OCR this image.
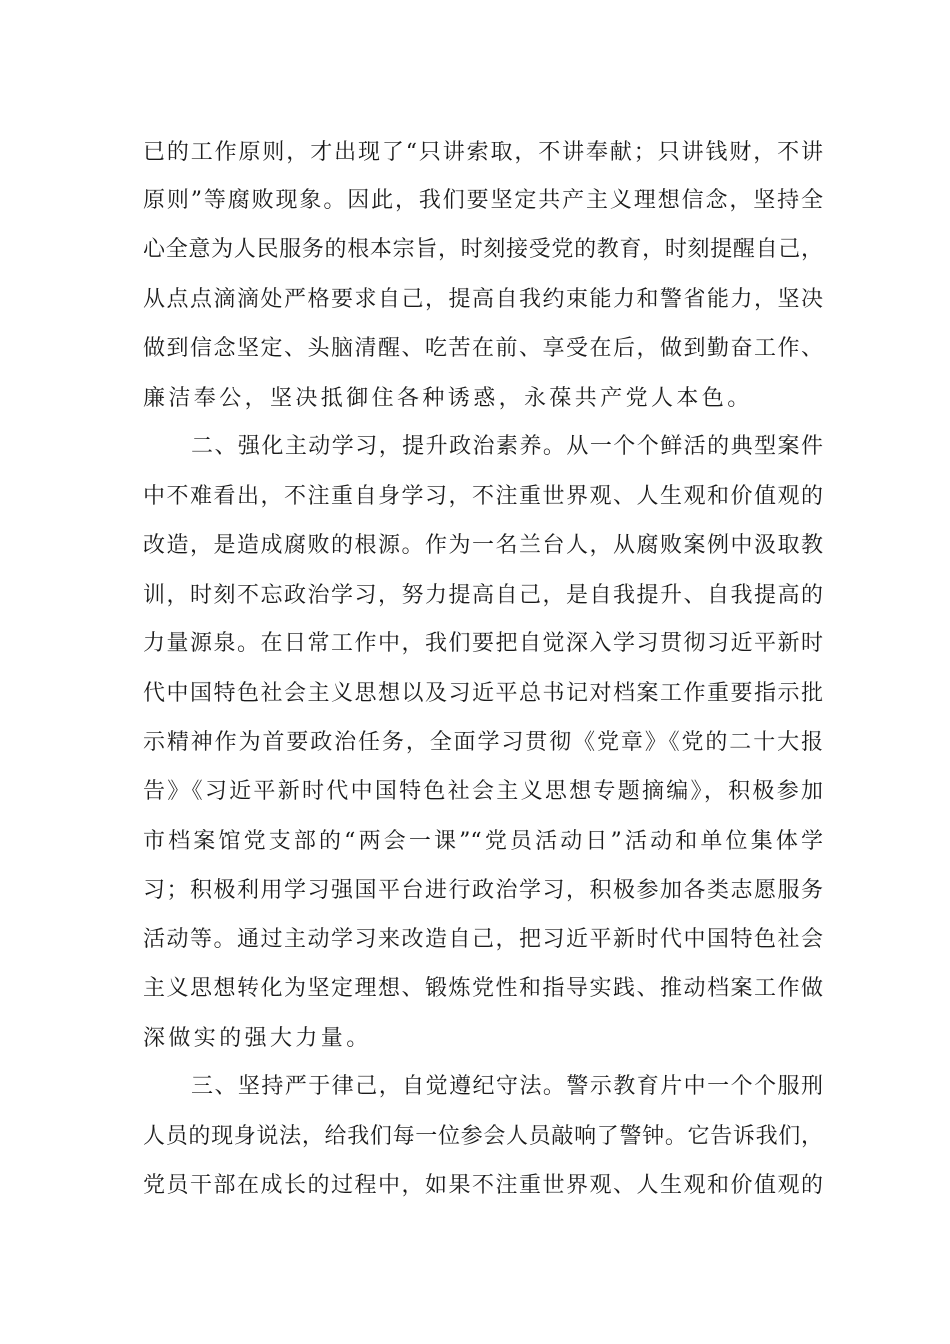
已的工作原则，才出现了“只讲索取，不讲奉献；只讲钱财，不讲
原则”等腐败现象。因此，我们要坚定共产主义理想信念，坚持全
心全意为人民服务的根本宗旨，时刻接受党的教育，时刻提醒自己，
从点点滴滴处严格要求自己，提高自我约束能力和警省能力，坚决
做到信念坚定、头脑清醒、吃苦在前、享受在后，做到勤奋工作、
廉洁奉公，坚决抵御住各种诱惑，永葆共产党人本色。
二、强化主动学习，提升政治素养。从一个个鲜活的典型案件
中不难看出，不注重自身学习，不注重世界观、人生观和价值观的
改造，是造成腐败的根源。作为一名兰台人，从腐败案例中汲取教
训，时刻不忘政治学习，努力提高自己，是自我提升、自我提高的
力量源泉。在日常工作中，我们要把自觉深入学习贯彻习近平新时
代中国特色社会主义思想以及习近平总书记对档案工作重要指示批
示精神作为首要政治任务，全面学习贯彻《党章》《党的二十大报
告》《习近平新时代中国特色社会主义思想专题摘编》，积极参加
市档案馆党支部的“两会一课”“党员活动日”活动和单位集体学
习；积极利用学习强国平台进行政治学习，积极参加各类志愿服务
活动等。通过主动学习来改造自己，把习近平新时代中国特色社会
主义思想转化为坚定理想、锻炼党性和指导实践、推动档案工作做
深做实的强大力量。
三、坚持严于律己，自觉遵纪守法。警示教育片中一个个服刑
人员的现身说法，给我们每一位参会人员敲响了警钟。它告诉我们，
党员干部在成长的过程中，如果不注重世界观、人生观和价值观的
